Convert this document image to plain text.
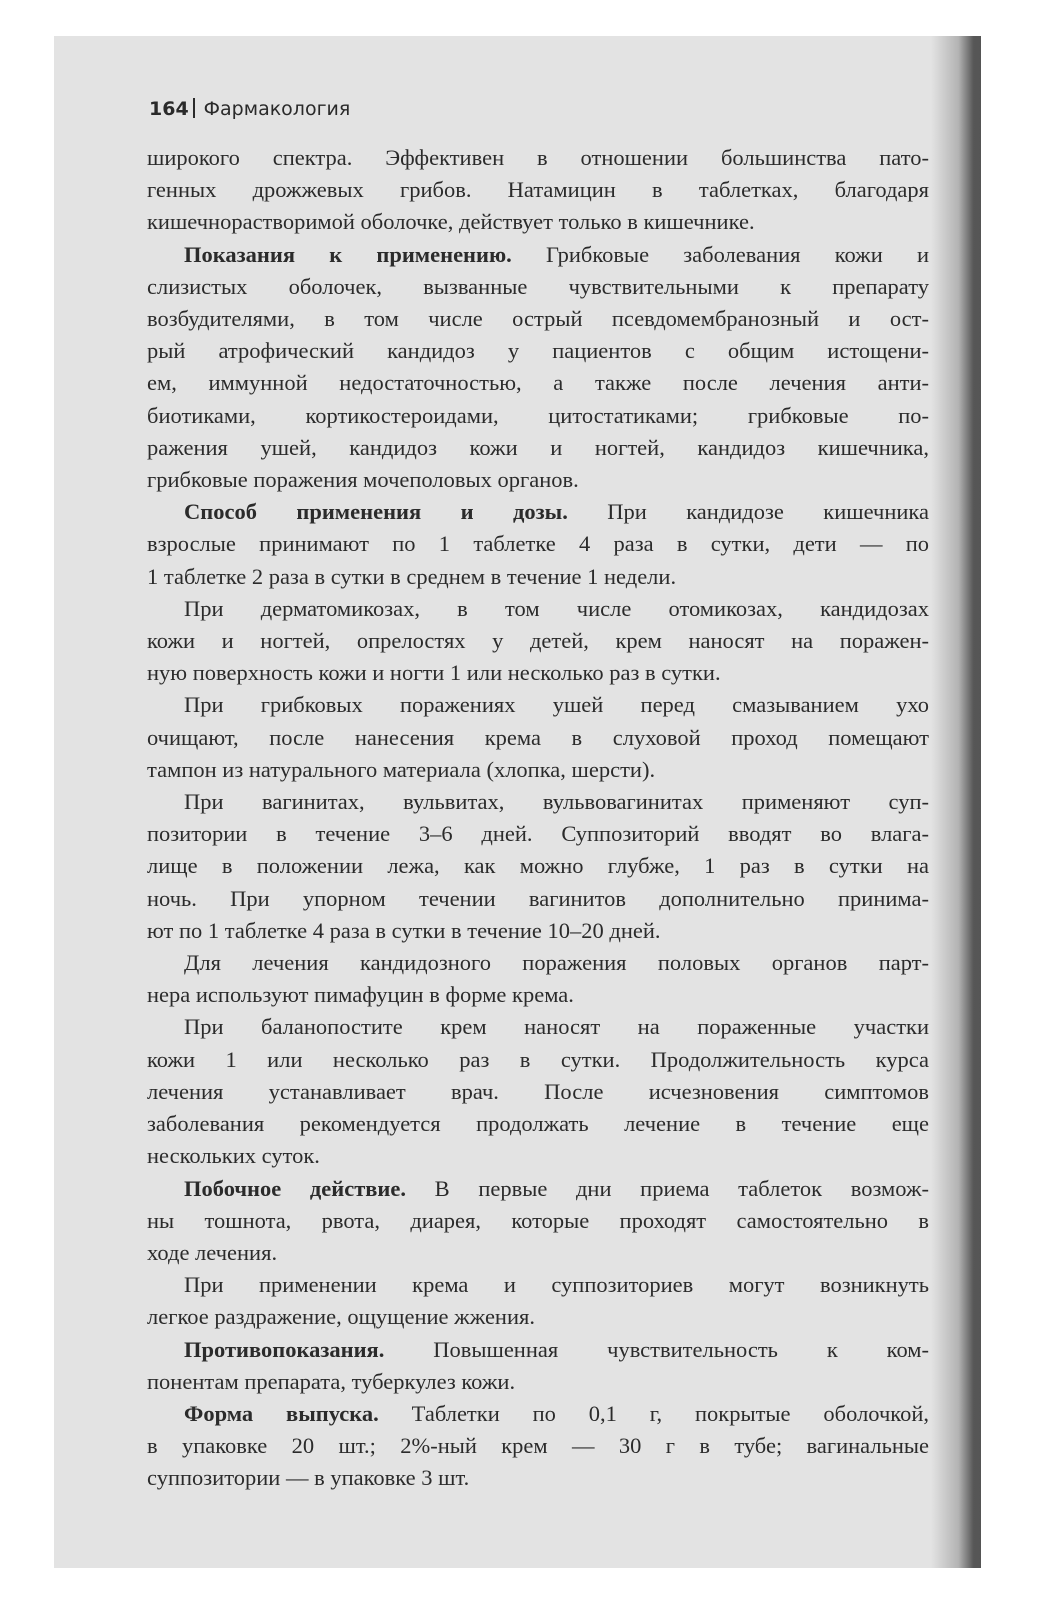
164 Фармакология
широкого спектра. Эффективен в отношении большинства пато-
генных дрожжевых грибов. Натамицин в таблетках, благодаря
кишечнорастворимой оболочке, действует только в кишечнике.
Показания к применению. Грибковые заболевания кожи и
слизистых оболочек, вызванные чувствительными к препарату
возбудителями, в том числе острый псевдомембранозный и ост-
рый атрофический кандидоз у пациентов с общим истощени-
ем, иммунной недостаточностью, а также после лечения анти-
биотиками, кортикостероидами, цитостатиками; грибковые по-
ражения ушей, кандидоз кожи и ногтей, кандидоз кишечника,
грибковые поражения мочеполовых органов.
Способ применения и дозы. При кандидозе кишечника
взрослые принимают по 1 таблетке 4 раза в сутки, дети — по
1 таблетке 2 раза в сутки в среднем в течение 1 недели.
При дерматомикозах, в том числе отомикозах, кандидозах
кожи и ногтей, опрелостях у детей, крем наносят на поражен-
ную поверхность кожи и ногти 1 или несколько раз в сутки.
При грибковых поражениях ушей перед смазыванием ухо
очищают, после нанесения крема в слуховой проход помещают
тампон из натурального материала (хлопка, шерсти).
При вагинитах, вульвитах, вульвовагинитах применяют суп-
позитории в течение 3–6 дней. Суппозиторий вводят во влага-
лище в положении лежа, как можно глубже, 1 раз в сутки на
ночь. При упорном течении вагинитов дополнительно принима-
ют по 1 таблетке 4 раза в сутки в течение 10–20 дней.
Для лечения кандидозного поражения половых органов парт-
нера используют пимафуцин в форме крема.
При баланопостите крем наносят на пораженные участки
кожи 1 или несколько раз в сутки. Продолжительность курса
лечения устанавливает врач. После исчезновения симптомов
заболевания рекомендуется продолжать лечение в течение еще
нескольких суток.
Побочное действие. В первые дни приема таблеток возмож-
ны тошнота, рвота, диарея, которые проходят самостоятельно в
ходе лечения.
При применении крема и суппозиториев могут возникнуть
легкое раздражение, ощущение жжения.
Противопоказания. Повышенная чувствительность к ком-
понентам препарата, туберкулез кожи.
Форма выпуска. Таблетки по 0,1 г, покрытые оболочкой,
в упаковке 20 шт.; 2%-ный крем — 30 г в тубе; вагинальные
суппозитории — в упаковке 3 шт.
